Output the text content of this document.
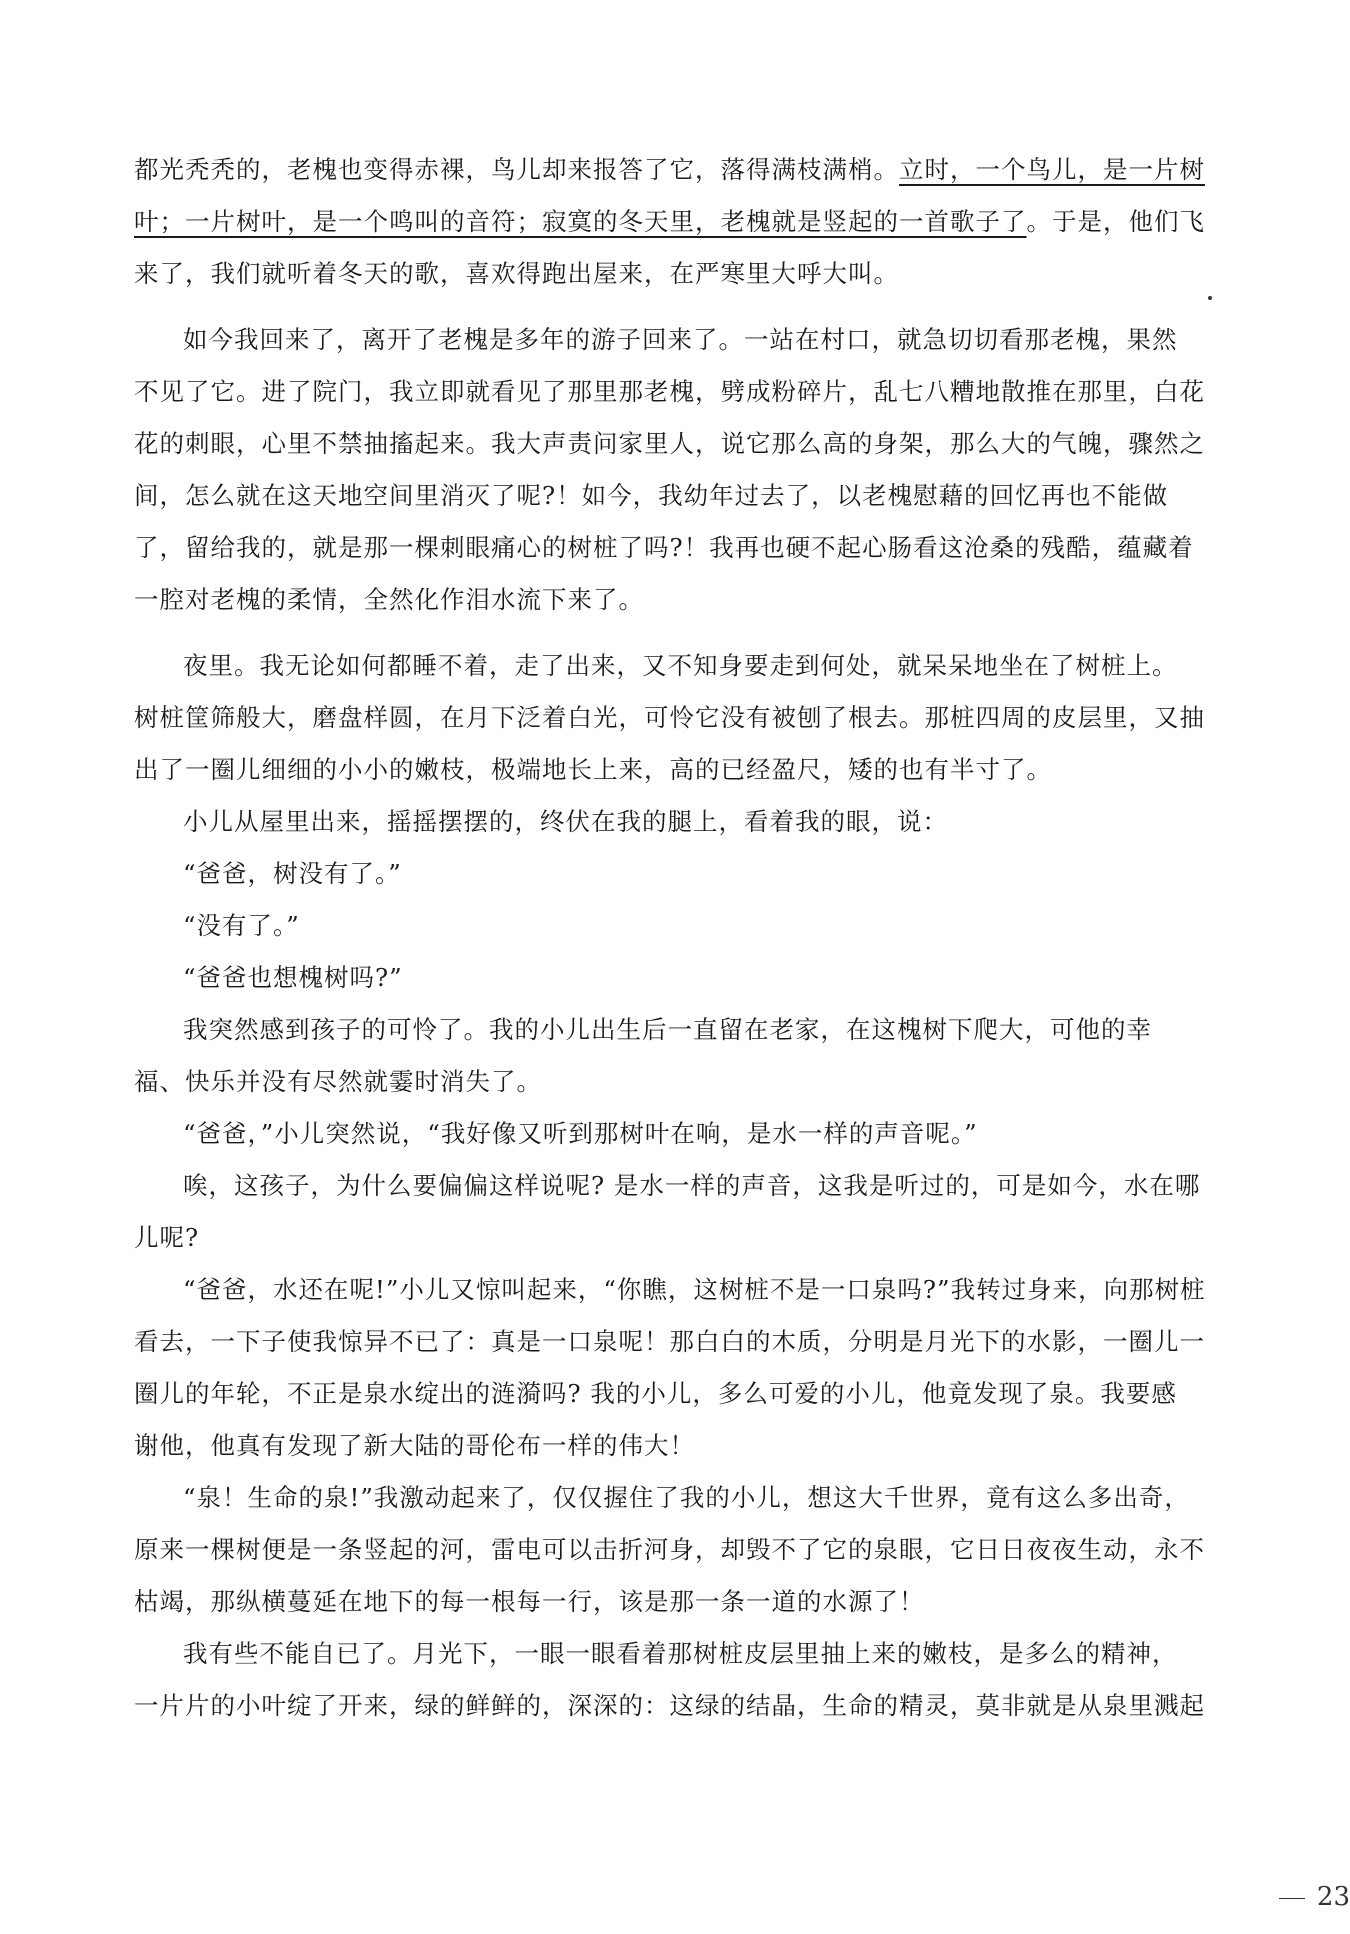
都光秃秃的，老槐也变得赤裸，鸟儿却来报答了它，落得满枝满梢。立时，一个鸟儿，是一片树
叶；一片树叶，是一个鸣叫的音符；寂寞的冬天里，老槐就是竖起的一首歌子了。于是，他们飞
来了，我们就听着冬天的歌，喜欢得跑出屋来，在严寒里大呼大叫。
如今我回来了，离开了老槐是多年的游子回来了。一站在村口，就急切切看那老槐，果然
不见了它。进了院门，我立即就看见了那里那老槐，劈成粉碎片，乱七八糟地散推在那里，白花
花的刺眼，心里不禁抽搐起来。我大声责问家里人，说它那么高的身架，那么大的气魄，骤然之
间，怎么就在这天地空间里消灭了呢?！如今，我幼年过去了，以老槐慰藉的回忆再也不能做
了，留给我的，就是那一棵刺眼痛心的树桩了吗?！我再也硬不起心肠看这沧桑的残酷，蕴藏着
一腔对老槐的柔情，全然化作泪水流下来了。
夜里。我无论如何都睡不着，走了出来，又不知身要走到何处，就呆呆地坐在了树桩上。
树桩筐筛般大，磨盘样圆，在月下泛着白光，可怜它没有被刨了根去。那桩四周的皮层里，又抽
出了一圈儿细细的小小的嫩枝，极端地长上来，高的已经盈尺，矮的也有半寸了。
小儿从屋里出来，摇摇摆摆的，终伏在我的腿上，看着我的眼，说：
“爸爸，树没有了。”
“没有了。”
“爸爸也想槐树吗?”
我突然感到孩子的可怜了。我的小儿出生后一直留在老家，在这槐树下爬大，可他的幸
福、快乐并没有尽然就霎时消失了。
“爸爸，”小儿突然说，“我好像又听到那树叶在响，是水一样的声音呢。”
唉，这孩子，为什么要偏偏这样说呢? 是水一样的声音，这我是听过的，可是如今，水在哪
儿呢?
“爸爸，水还在呢!”小儿又惊叫起来，“你瞧，这树桩不是一口泉吗?”我转过身来，向那树桩
看去，一下子使我惊异不已了：真是一口泉呢！那白白的木质，分明是月光下的水影，一圈儿一
圈儿的年轮，不正是泉水绽出的涟漪吗? 我的小儿，多么可爱的小儿，他竟发现了泉。我要感
谢他，他真有发现了新大陆的哥伦布一样的伟大！
“泉！生命的泉!”我激动起来了，仅仅握住了我的小儿，想这大千世界，竟有这么多出奇，
原来一棵树便是一条竖起的河，雷电可以击折河身，却毁不了它的泉眼，它日日夜夜生动，永不
枯竭，那纵横蔓延在地下的每一根每一行，该是那一条一道的水源了！
我有些不能自已了。月光下，一眼一眼看着那树桩皮层里抽上来的嫩枝，是多么的精神，
一片片的小叶绽了开来，绿的鲜鲜的，深深的：这绿的结晶，生命的精灵，莫非就是从泉里溅起
23
